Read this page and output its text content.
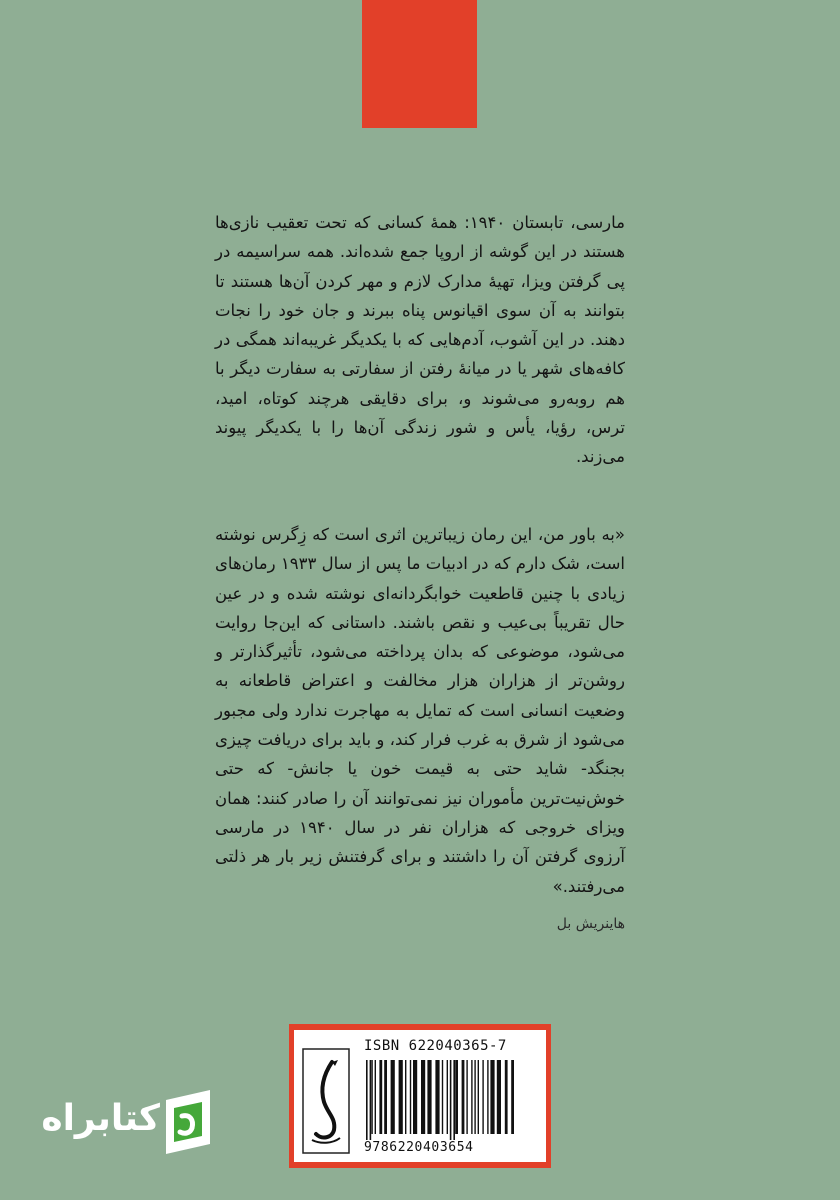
مارسی، تابستان ۱۹۴۰: همهٔ کسانی که تحت تعقیب نازی‌ها هستند در این گوشه از اروپا جمع شده‌اند. همه سراسیمه در پی گرفتن ویزا، تهیهٔ مدارک لازم و مهر کردن آن‌ها هستند تا بتوانند به آن سوی اقیانوس پناه ببرند و جان خود را نجات دهند. در این آشوب، آدم‌هایی که با یکدیگر غریبه‌اند همگی در کافه‌های شهر یا در میانهٔ رفتن از سفارتی به سفارت دیگر با هم روبه‌رو می‌شوند و، برای دقایقی هرچند کوتاه، امید، ترس، رؤیا، یأس و شور زندگی آن‌ها را با یکدیگر پیوند می‌زند.
«به باور من، این رمان زیباترین اثری است که زِگرس نوشته است، شک دارم که در ادبیات ما پس از سال ۱۹۳۳ رمان‌های زیادی با چنین قاطعیت خوابگردانه‌ای نوشته شده و در عین حال تقریباً بی‌عیب و نقص باشند. داستانی که این‌جا روایت می‌شود، موضوعی که بدان پرداخته می‌شود، تأثیرگذارتر و روشن‌تر از هزاران هزار مخالفت و اعتراض قاطعانه به وضعیت انسانی است که تمایل به مهاجرت ندارد ولی مجبور می‌شود از شرق به غرب فرار کند، و باید برای دریافت چیزی بجنگد- شاید حتی به قیمت خون یا جانش- که حتی خوش‌نیت‌ترین مأموران نیز نمی‌توانند آن را صادر کنند: همان ویزای خروجی که هزاران نفر در سال ۱۹۴۰ در مارسی آرزوی گرفتن آن را داشتند و برای گرفتنش زیر بار هر ذلتی می‌رفتند.»
هاینریش بل
ISBN 622040365-7
9786220403654
کتابراه
